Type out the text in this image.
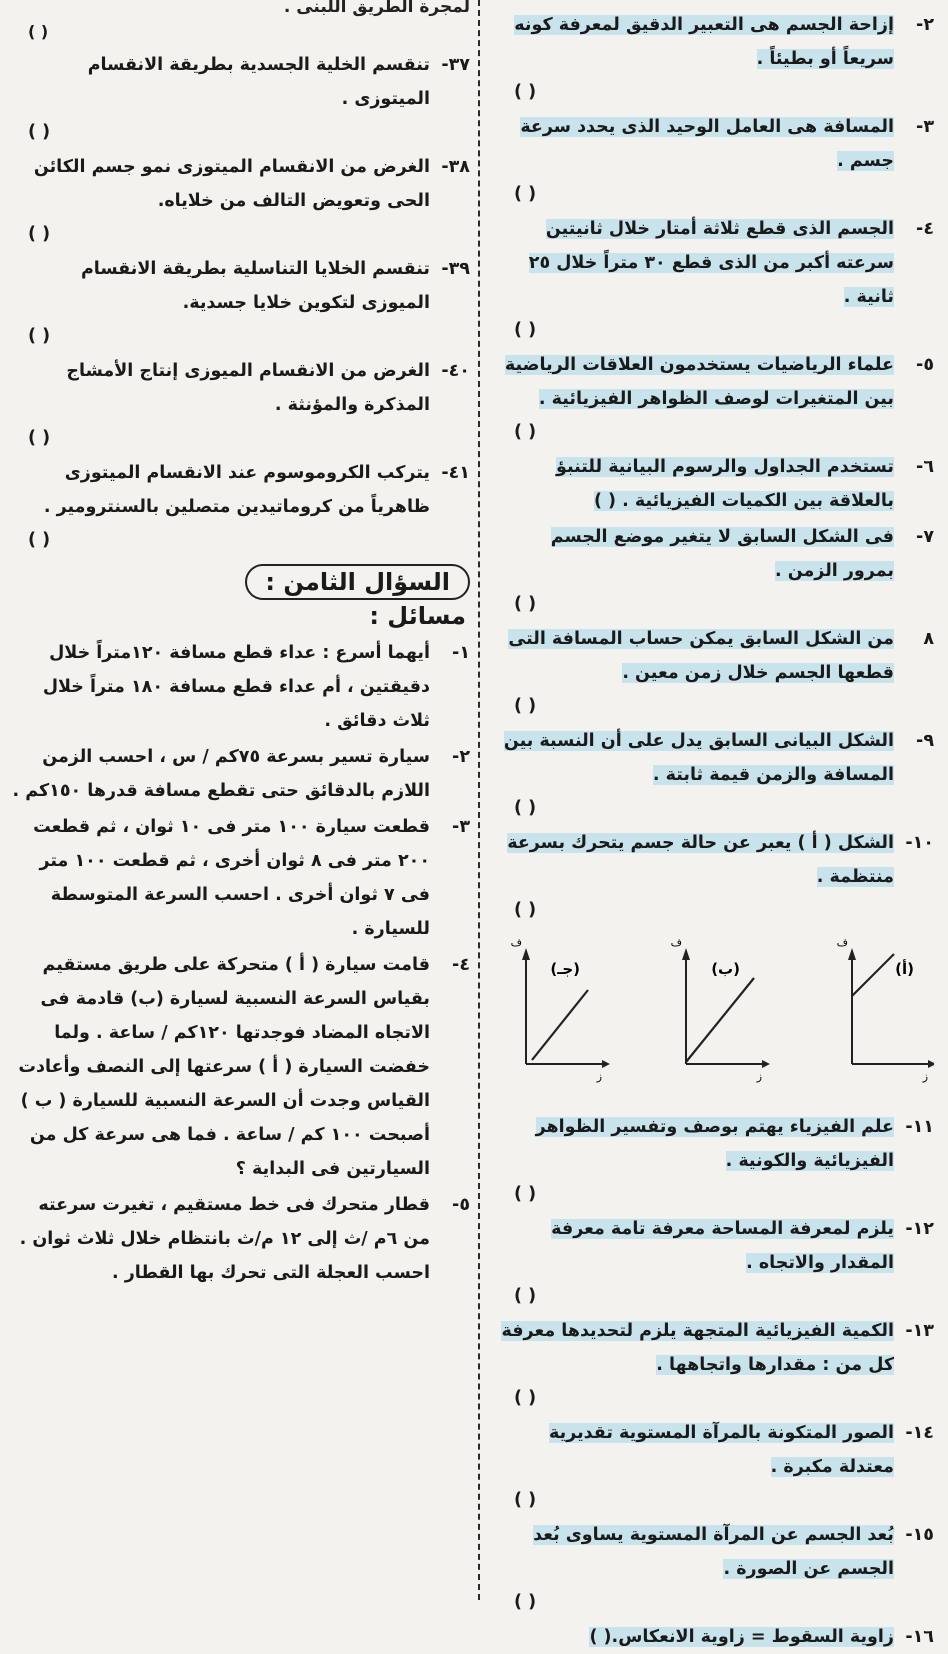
٢-
إزاحة الجسم هى التعبير الدقيق لمعرفة كونه سريعاً أو بطيئاً .
( )
٣-
المسافة هى العامل الوحيد الذى يحدد سرعة جسم .
( )
٤-
الجسم الذى قطع ثلاثة أمتار خلال ثانيتين سرعته أكبر من الذى قطع ٣٠ متراً خلال ٢٥ ثانية .
( )
٥-
علماء الرياضيات يستخدمون العلاقات الرياضية بين المتغيرات لوصف الظواهر الفيزيائية .
( )
٦-
تستخدم الجداول والرسوم البيانية للتنبؤ بالعلاقة بين الكميات الفيزيائية . ( )
٧-
فى الشكل السابق لا يتغير موضع الجسم بمرور الزمن .
( )
٨
من الشكل السابق يمكن حساب المسافة التى قطعها الجسم خلال زمن معين .
( )
٩-
الشكل البيانى السابق يدل على أن النسبة بين المسافة والزمن قيمة ثابتة .
( )
١٠-
الشكل ( أ ) يعبر عن حالة جسم يتحرك بسرعة منتظمة .
( )
(أ)
ف
ز
(ب)
ف
ز
(جـ)
ف
ز
١١-
علم الفيزياء يهتم بوصف وتفسير الظواهر الفيزيائية والكونية .
( )
١٢-
يلزم لمعرفة المساحة معرفة تامة معرفة المقدار والاتجاه .
( )
١٣-
الكمية الفيزيائية المتجهة يلزم لتحديدها معرفة كل من : مقدارها واتجاهها .
( )
١٤-
الصور المتكونة بالمرآة المستوية تقديرية معتدلة مكبرة .
( )
١٥-
بُعد الجسم عن المرآة المستوية يساوى بُعد الجسم عن الصورة .
( )
١٦-
زاوية السقوط = زاوية الانعكاس.( )
لمجرة الطريق اللبنى .
( )
٣٧-
تنقسم الخلية الجسدية بطريقة الانقسام الميتوزى .
( )
٣٨-
الغرض من الانقسام الميتوزى نمو جسم الكائن الحى وتعويض التالف من خلاياه.
( )
٣٩-
تنقسم الخلايا التناسلية بطريقة الانقسام الميوزى لتكوين خلايا جسدية.
( )
٤٠-
الغرض من الانقسام الميوزى إنتاج الأمشاج المذكرة والمؤنثة .
( )
٤١-
يتركب الكروموسوم عند الانقسام الميتوزى ظاهرياً من كروماتيدين متصلين بالسنترومير .
( )
السؤال الثامن :
مسائل :
١-
أيهما أسرع : عداء قطع مسافة ١٢٠متراً خلال دقيقتين ، أم عداء قطع مسافة ١٨٠ متراً خلال ثلاث دقائق .
٢-
سيارة تسير بسرعة ٧٥كم / س ، احسب الزمن اللازم بالدقائق حتى تقطع مسافة قدرها ١٥٠كم .
٣-
قطعت سيارة ١٠٠ متر فى ١٠ ثوان ، ثم قطعت ٢٠٠ متر فى ٨ ثوان أخرى ، ثم قطعت ١٠٠ متر فى ٧ ثوان أخرى . احسب السرعة المتوسطة للسيارة .
٤-
قامت سيارة ( أ ) متحركة على طريق مستقيم بقياس السرعة النسبية لسيارة (ب) قادمة فى الاتجاه المضاد فوجدتها ١٢٠كم / ساعة . ولما خفضت السيارة ( أ ) سرعتها إلى النصف وأعادت القياس وجدت أن السرعة النسبية للسيارة ( ب ) أصبحت ١٠٠ كم / ساعة . فما هى سرعة كل من السيارتين فى البداية ؟
٥-
قطار متحرك فى خط مستقيم ، تغيرت سرعته من ٦م /ث إلى ١٢ م/ث بانتظام خلال ثلاث ثوان . احسب العجلة التى تحرك بها القطار .
